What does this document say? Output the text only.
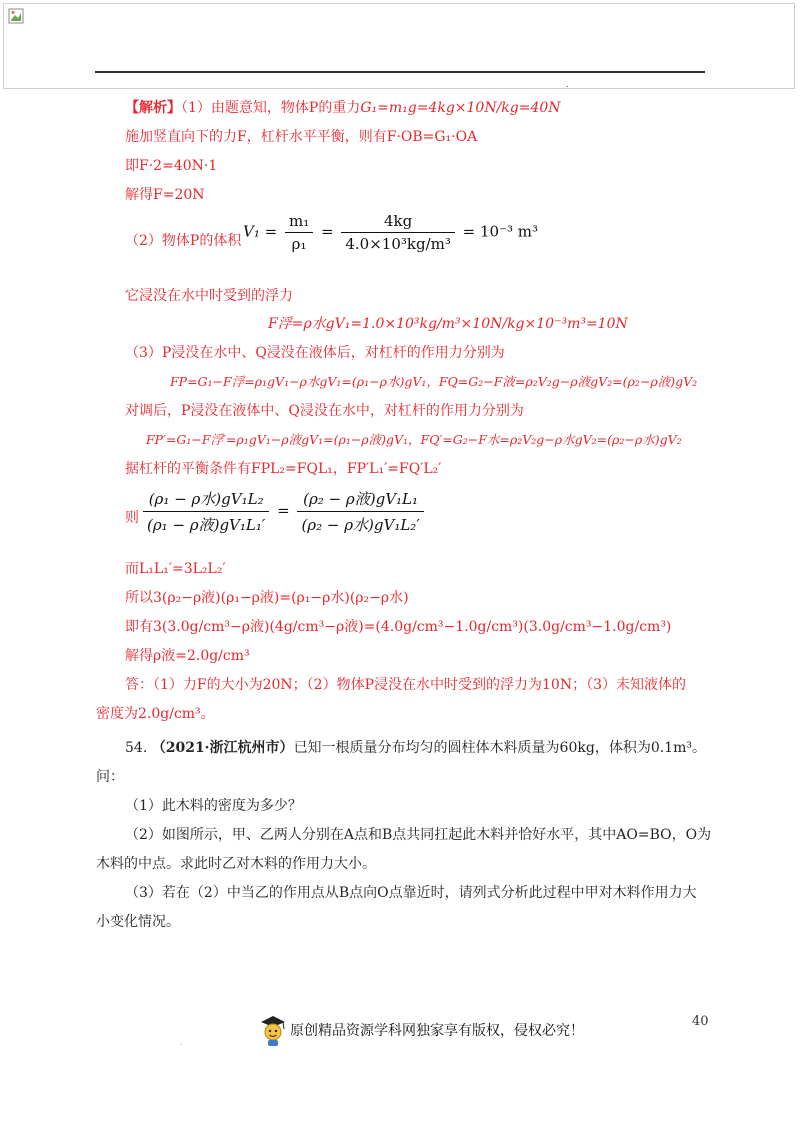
.
【解析】（1）由题意知，物体P的重力G₁=m₁g=4kg×10N/kg=40N
施加竖直向下的力F，杠杆水平平衡，则有F·OB=G₁·OA
即F·2=40N·1
解得F=20N
（2）物体P的体积
$V_1 = \frac{\text{m₁}}{\text{ρ₁}} = \frac{4kg}{\text{4.0×10³kg/m³}} = 10^{-3}$ m³
它浸没在水中时受到的浮力
F浮=ρ水gV₁=1.0×10³kg/m³×10N/kg×10⁻³m³=10N
（3）P浸没在水中、Q浸没在液体后，对杠杆的作用力分别为
FP=G₁−F浮=ρ₁gV₁−ρ水gV₁=(ρ₁−ρ水)gV₁，FQ=G₂−F液=ρ₂V₂g−ρ液gV₂=(ρ₂−ρ液)gV₂
对调后，P浸没在液体中、Q浸没在水中，对杠杆的作用力分别为
FP′=G₁−F浮′=ρ₁gV₁−ρ液gV₁=(ρ₁−ρ液)gV₁，FQ′=G₂−F水=ρ₂V₂g−ρ水gV₂=(ρ₂−ρ水)gV₂
据杠杆的平衡条件有FPL₂=FQL₁，FP′L₁′=FQ′L₂′
则 $\frac{\text{(ρ₁ − ρ水)gV₁L₂}}{\text{(ρ₁ − ρ液)gV₁L₁′}} = \frac{\text{(ρ₂ − ρ液)gV₁L₁}}{\text{(ρ₂ − ρ水)gV₁L₂′}}$
而L₁L₁′=3L₂L₂′
所以3(ρ₂−ρ液)(ρ₁−ρ液)=(ρ₁−ρ水)(ρ₂−ρ水)
即有3(3.0g/cm³−ρ液)(4g/cm³−ρ液)=(4.0g/cm³−1.0g/cm³)(3.0g/cm³−1.0g/cm³)
解得ρ液=2.0g/cm³
答：（1）力F的大小为20N；（2）物体P浸没在水中时受到的浮力为10N；（3）未知液体的
密度为2.0g/cm³。
54. （2021·浙江杭州市）已知一根质量分布均匀的圆柱体木料质量为60kg，体积为0.1m³。
问：
（1）此木料的密度为多少？
（2）如图所示，甲、乙两人分别在A点和B点共同扛起此木料并恰好水平，其中AO=BO，O为
木料的中点。求此时乙对木料的作用力大小。
（3）若在（2）中当乙的作用点从B点向O点靠近时，请列式分析此过程中甲对木料作用力大
小变化情况。
40
.
原创精品资源学科网独家享有版权，侵权必究！
